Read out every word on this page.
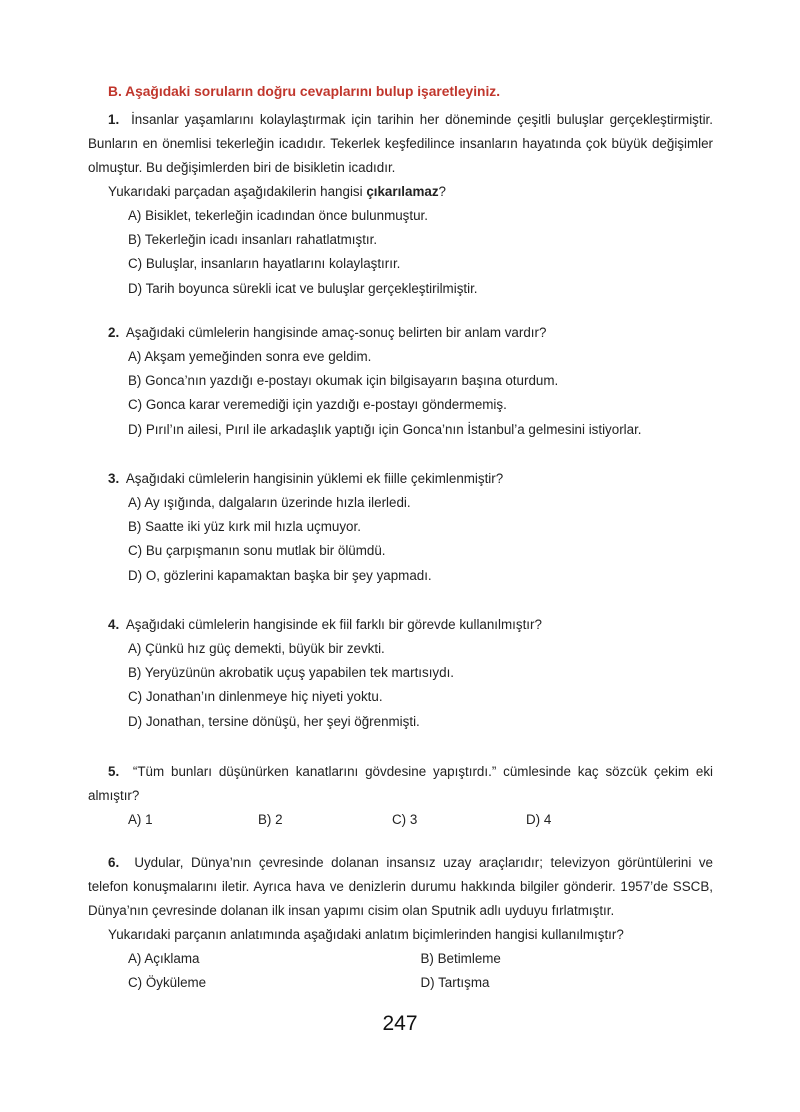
B. Aşağıdaki soruların doğru cevaplarını bulup işaretleyiniz.
1. İnsanlar yaşamlarını kolaylaştırmak için tarihin her döneminde çeşitli buluşlar gerçekleştirmiştir. Bunların en önemlisi tekerleğin icadıdır. Tekerlek keşfedilince insanların hayatında çok büyük değişimler olmuştur. Bu değişimlerden biri de bisikletin icadıdır.
Yukarıdaki parçadan aşağıdakilerin hangisi çıkarılamaz?
A) Bisiklet, tekerleğin icadından önce bulunmuştur.
B) Tekerleğin icadı insanları rahatlatmıştır.
C) Buluşlar, insanların hayatlarını kolaylaştırır.
D) Tarih boyunca sürekli icat ve buluşlar gerçekleştirilmiştir.
2. Aşağıdaki cümlelerin hangisinde amaç-sonuç belirten bir anlam vardır?
A) Akşam yemeğinden sonra eve geldim.
B) Gonca’nın yazdığı e-postayı okumak için bilgisayarın başına oturdum.
C) Gonca karar veremediği için yazdığı e-postayı göndermemiş.
D) Pırıl’ın ailesi, Pırıl ile arkadaşlık yaptığı için Gonca’nın İstanbul’a gelmesini istiyorlar.
3. Aşağıdaki cümlelerin hangisinin yüklemi ek fiille çekimlenmiştir?
A) Ay ışığında, dalgaların üzerinde hızla ilerledi.
B) Saatte iki yüz kırk mil hızla uçmuyor.
C) Bu çarpışmanın sonu mutlak bir ölümdü.
D) O, gözlerini kapamaktan başka bir şey yapmadı.
4. Aşağıdaki cümlelerin hangisinde ek fiil farklı bir görevde kullanılmıştır?
A) Çünkü hız güç demekti, büyük bir zevkti.
B) Yeryüzünün akrobatik uçuş yapabilen tek martısıydı.
C) Jonathan’ın dinlenmeye hiç niyeti yoktu.
D) Jonathan, tersine dönüşü, her şeyi öğrenmişti.
5. “Tüm bunları düşünürken kanatlarını gövdesine yapıştırdı.” cümlesinde kaç sözcük çekim eki almıştır?
A) 1	B) 2	C) 3	D) 4
6. Uydular, Dünya’nın çevresinde dolanan insansız uzay araçlarıdır; televizyon görüntülerini ve telefon konuşmalarını iletir. Ayrıca hava ve denizlerin durumu hakkında bilgiler gönderir. 1957’de SSCB, Dünya’nın çevresinde dolanan ilk insan yapımı cisim olan Sputnik adlı uyduyu fırlatmıştır.
Yukarıdaki parçanın anlatımında aşağıdaki anlatım biçimlerinden hangisi kullanılmıştır?
A) Açıklama	B) Betimleme
C) Öyküleme	D) Tartışma
247
